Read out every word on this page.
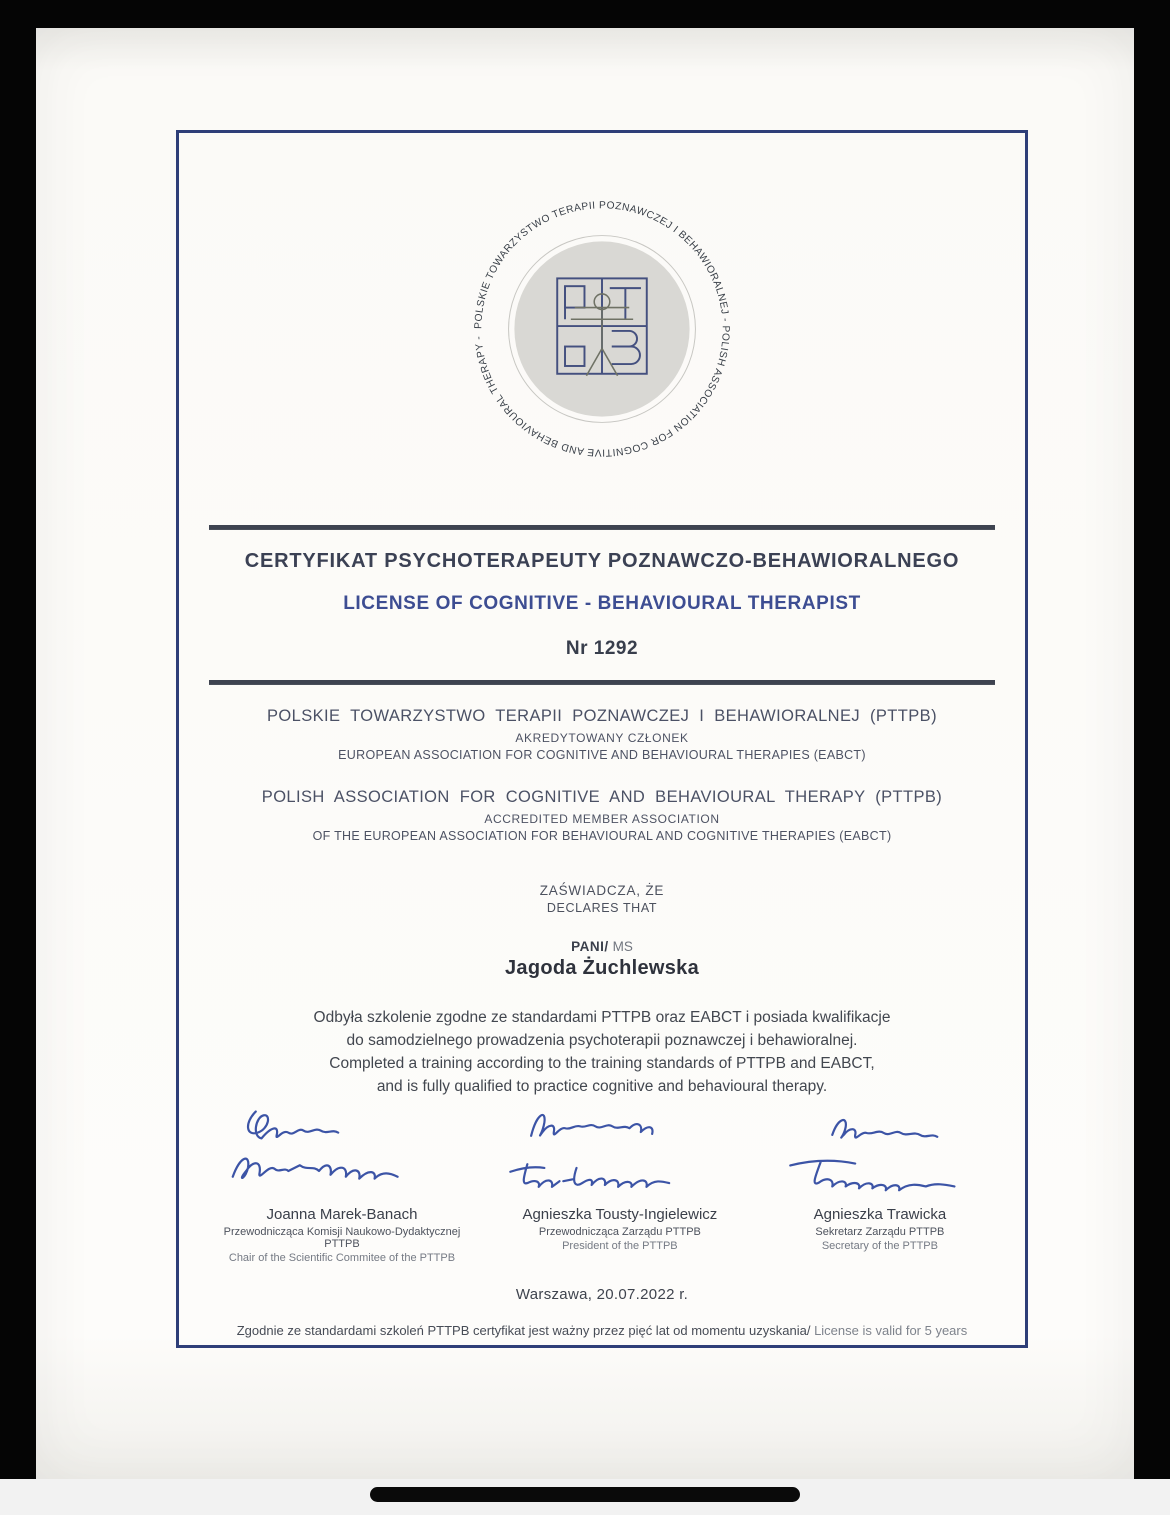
POLSKIE TOWARZYSTWO TERAPII POZNAWCZEJ I BEHAWIORALNEJ - POLISH ASSOCIATION FOR COGNITIVE AND BEHAVIOURAL THERAPY -
CERTYFIKAT PSYCHOTERAPEUTY POZNAWCZO-BEHAWIORALNEGO
LICENSE OF COGNITIVE - BEHAVIOURAL THERAPIST
Nr 1292
POLSKIE TOWARZYSTWO TERAPII POZNAWCZEJ I BEHAWIORALNEJ (PTTPB)
AKREDYTOWANY CZŁONEK
EUROPEAN ASSOCIATION FOR COGNITIVE AND BEHAVIOURAL THERAPIES (EABCT)
POLISH ASSOCIATION FOR COGNITIVE AND BEHAVIOURAL THERAPY (PTTPB)
ACCREDITED MEMBER ASSOCIATION
OF THE EUROPEAN ASSOCIATION FOR BEHAVIOURAL AND COGNITIVE THERAPIES (EABCT)
ZAŚWIADCZA, ŻE
DECLARES THAT
PANI/ MS
Jagoda Żuchlewska
Odbyła szkolenie zgodne ze standardami PTTPB oraz EABCT i posiada kwalifikacje
do samodzielnego prowadzenia psychoterapii poznawczej i behawioralnej.
Completed a training according to the training standards of PTTPB and EABCT,
and is fully qualified to practice cognitive and behavioural therapy.
Joanna Marek-Banach
Przewodnicząca Komisji Naukowo-Dydaktycznej PTTPB
Chair of the Scientific Commitee of the PTTPB
Agnieszka Tousty-Ingielewicz
Przewodnicząca Zarządu PTTPB
President of the PTTPB
Agnieszka Trawicka
Sekretarz Zarządu PTTPB
Secretary of the PTTPB
Warszawa, 20.07.2022 r.
Zgodnie ze standardami szkoleń PTTPB certyfikat jest ważny przez pięć lat od momentu uzyskania/ License is valid for 5 years
